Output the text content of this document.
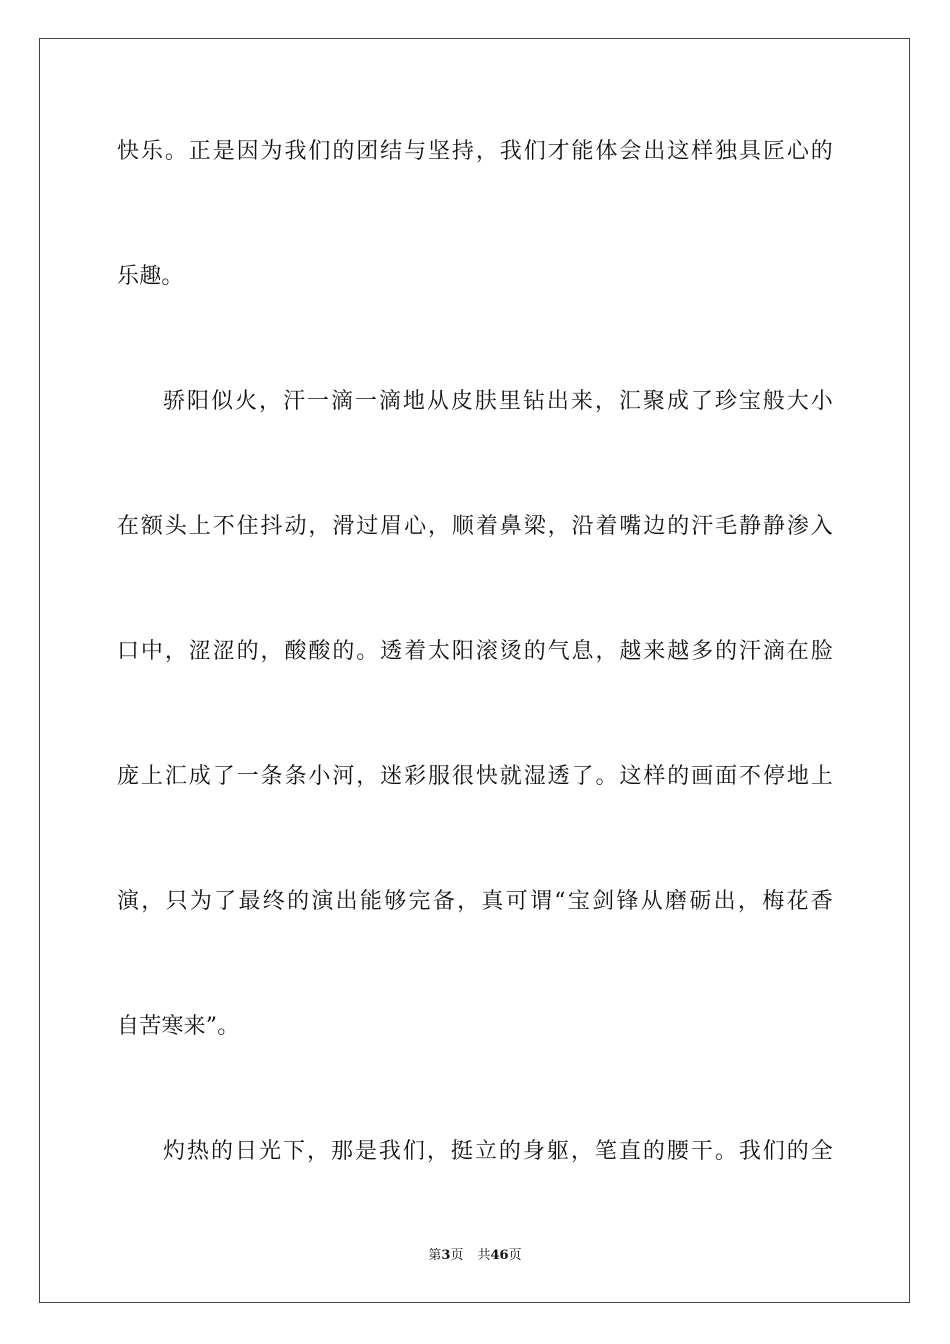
快乐。正是因为我们的团结与坚持，我们才能体会出这样独具匠心的
乐趣。
骄阳似火，汗一滴一滴地从皮肤里钻出来，汇聚成了珍宝般大小
在额头上不住抖动，滑过眉心，顺着鼻梁，沿着嘴边的汗毛静静渗入
口中，涩涩的，酸酸的。透着太阳滚烫的气息，越来越多的汗滴在脸
庞上汇成了一条条小河，迷彩服很快就湿透了。这样的画面不停地上
演，只为了最终的演出能够完备，真可谓“宝剑锋从磨砺出，梅花香
自苦寒来”。
灼热的日光下，那是我们，挺立的身躯，笔直的腰干。我们的全
第3页 共46页
